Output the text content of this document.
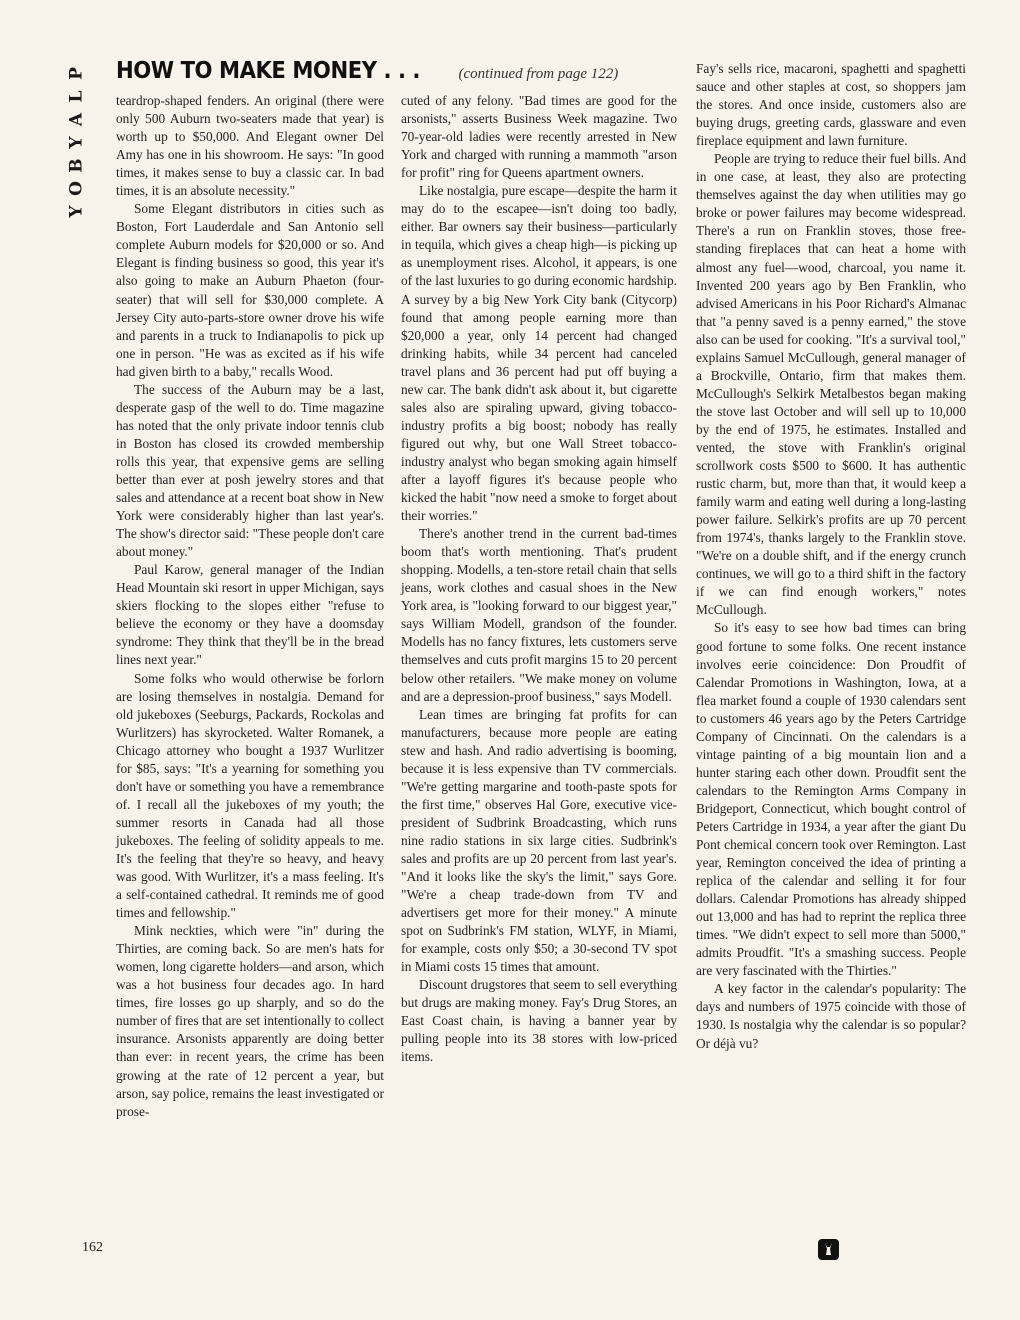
P
L
A
Y
B
O
Y
HOW TO MAKE MONEY . . .	(continued from page 122)

teardrop-shaped fenders. An original (there were only 500 Auburn two-seaters made that year) is worth up to $50,000. And Elegant owner Del Amy has one in his showroom. He says: "In good times, it makes sense to buy a classic car. In bad times, it is an absolute necessity."

Some Elegant distributors in cities such as Boston, Fort Lauderdale and San Antonio sell complete Auburn models for $20,000 or so. And Elegant is finding business so good, this year it's also going to make an Auburn Phaeton (four-seater) that will sell for $30,000 complete. A Jersey City auto-parts-store owner drove his wife and parents in a truck to Indianapolis to pick up one in person. "He was as excited as if his wife had given birth to a baby," recalls Wood.

The success of the Auburn may be a last, desperate gasp of the well to do. Time magazine has noted that the only private indoor tennis club in Boston has closed its crowded membership rolls this year, that expensive gems are selling better than ever at posh jewelry stores and that sales and attendance at a recent boat show in New York were considerably higher than last year's. The show's director said: "These people don't care about money."

Paul Karow, general manager of the Indian Head Mountain ski resort in upper Michigan, says skiers flocking to the slopes either "refuse to believe the economy or they have a doomsday syndrome: They think that they'll be in the bread lines next year."

Some folks who would otherwise be forlorn are losing themselves in nostalgia. Demand for old jukeboxes (Seeburgs, Packards, Rockolas and Wurlitzers) has skyrocketed. Walter Romanek, a Chicago attorney who bought a 1937 Wurlitzer for $85, says: "It's a yearning for something you don't have or something you have a remembrance of. I recall all the jukeboxes of my youth; the summer resorts in Canada had all those jukeboxes. The feeling of solidity appeals to me. It's the feeling that they're so heavy, and heavy was good. With Wurlitzer, it's a mass feeling. It's a self-contained cathedral. It reminds me of good times and fellowship."

Mink neckties, which were "in" during the Thirties, are coming back. So are men's hats for women, long cigarette holders—and arson, which was a hot business four decades ago. In hard times, fire losses go up sharply, and so do the number of fires that are set intentionally to collect insurance. Arsonists apparently are doing better than ever: in recent years, the crime has been growing at the rate of 12 percent a year, but arson, say police, remains the least investigated or prose-

cuted of any felony. "Bad times are good for the arsonists," asserts Business Week magazine. Two 70-year-old ladies were recently arrested in New York and charged with running a mammoth "arson for profit" ring for Queens apartment owners.

Like nostalgia, pure escape—despite the harm it may do to the escapee—isn't doing too badly, either. Bar owners say their business—particularly in tequila, which gives a cheap high—is picking up as unemployment rises. Alcohol, it appears, is one of the last luxuries to go during economic hardship. A survey by a big New York City bank (Citycorp) found that among people earning more than $20,000 a year, only 14 percent had changed drinking habits, while 34 percent had canceled travel plans and 36 percent had put off buying a new car. The bank didn't ask about it, but cigarette sales also are spiraling upward, giving tobacco-industry profits a big boost; nobody has really figured out why, but one Wall Street tobacco-industry analyst who began smoking again himself after a layoff figures it's because people who kicked the habit "now need a smoke to forget about their worries."

There's another trend in the current bad-times boom that's worth mentioning. That's prudent shopping. Modells, a ten-store retail chain that sells jeans, work clothes and casual shoes in the New York area, is "looking forward to our biggest year," says William Modell, grandson of the founder. Modells has no fancy fixtures, lets customers serve themselves and cuts profit margins 15 to 20 percent below other retailers. "We make money on volume and are a depression-proof business," says Modell.

Lean times are bringing fat profits for can manufacturers, because more people are eating stew and hash. And radio advertising is booming, because it is less expensive than TV commercials. "We're getting margarine and tooth-paste spots for the first time," observes Hal Gore, executive vice-president of Sudbrink Broadcasting, which runs nine radio stations in six large cities. Sudbrink's sales and profits are up 20 percent from last year's. "And it looks like the sky's the limit," says Gore. "We're a cheap trade-down from TV and advertisers get more for their money." A minute spot on Sudbrink's FM station, WLYF, in Miami, for example, costs only $50; a 30-second TV spot in Miami costs 15 times that amount.

Discount drugstores that seem to sell everything but drugs are making money. Fay's Drug Stores, an East Coast chain, is having a banner year by pulling people into its 38 stores with low-priced items.

Fay's sells rice, macaroni, spaghetti and spaghetti sauce and other staples at cost, so shoppers jam the stores. And once inside, customers also are buying drugs, greeting cards, glassware and even fireplace equipment and lawn furniture.

People are trying to reduce their fuel bills. And in one case, at least, they also are protecting themselves against the day when utilities may go broke or power failures may become widespread. There's a run on Franklin stoves, those free-standing fireplaces that can heat a home with almost any fuel—wood, charcoal, you name it. Invented 200 years ago by Ben Franklin, who advised Americans in his Poor Richard's Almanac that "a penny saved is a penny earned," the stove also can be used for cooking. "It's a survival tool," explains Samuel McCullough, general manager of a Brockville, Ontario, firm that makes them. McCullough's Selkirk Metalbestos began making the stove last October and will sell up to 10,000 by the end of 1975, he estimates. Installed and vented, the stove with Franklin's original scrollwork costs $500 to $600. It has authentic rustic charm, but, more than that, it would keep a family warm and eating well during a long-lasting power failure. Selkirk's profits are up 70 percent from 1974's, thanks largely to the Franklin stove. "We're on a double shift, and if the energy crunch continues, we will go to a third shift in the factory if we can find enough workers," notes McCullough.

So it's easy to see how bad times can bring good fortune to some folks. One recent instance involves eerie coincidence: Don Proudfit of Calendar Promotions in Washington, Iowa, at a flea market found a couple of 1930 calendars sent to customers 46 years ago by the Peters Cartridge Company of Cincinnati. On the calendars is a vintage painting of a big mountain lion and a hunter staring each other down. Proudfit sent the calendars to the Remington Arms Company in Bridgeport, Connecticut, which bought control of Peters Cartridge in 1934, a year after the giant Du Pont chemical concern took over Remington. Last year, Remington conceived the idea of printing a replica of the calendar and selling it for four dollars. Calendar Promotions has already shipped out 13,000 and has had to reprint the replica three times. "We didn't expect to sell more than 5000," admits Proudfit. "It's a smashing success. People are very fascinated with the Thirties."

A key factor in the calendar's popularity: The days and numbers of 1975 coincide with those of 1930. Is nostalgia why the calendar is so popular? Or déjà vu?

162
